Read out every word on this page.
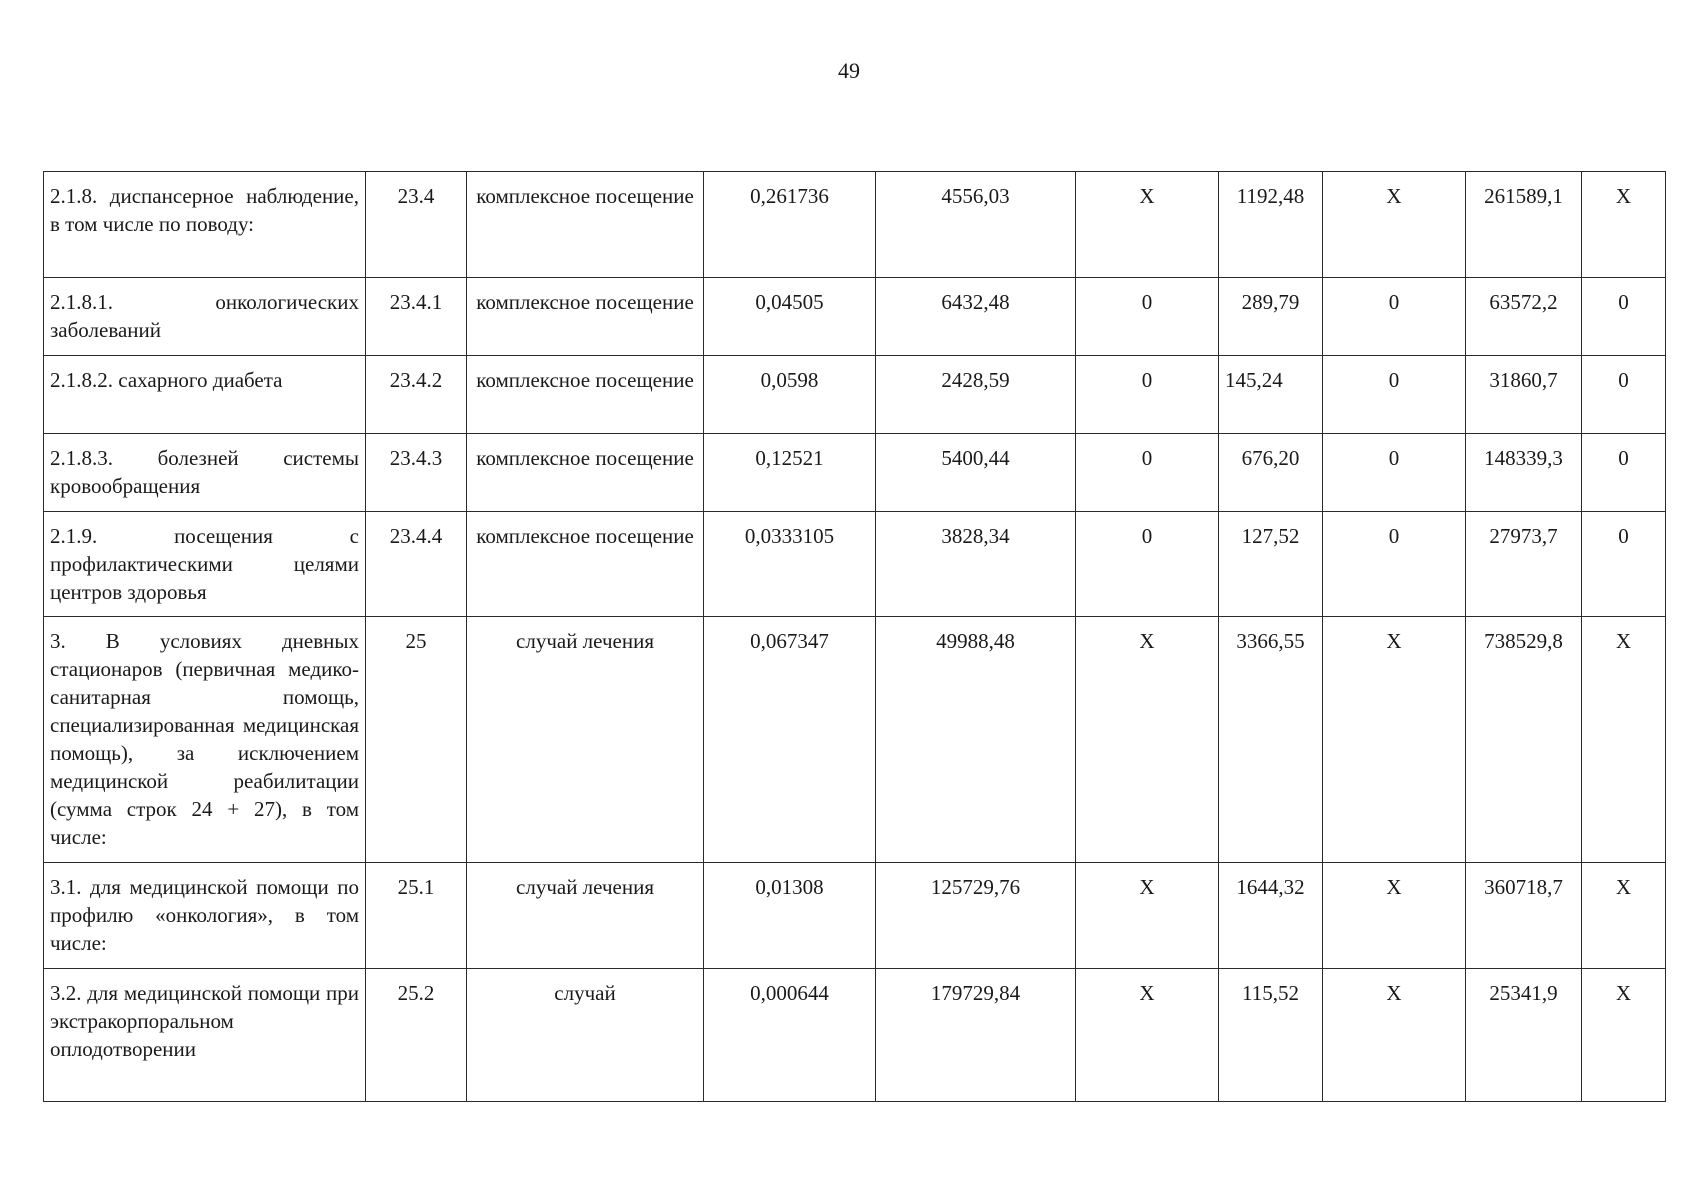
49
2.1.8. диспансерное наблюдение, в том числе по поводу:	23.4	комплексное посещение	0,261736	4556,03	X	1192,48	X	261589,1	X
2.1.8.1. онкологических заболеваний	23.4.1	комплексное посещение	0,04505	6432,48	0	289,79	0	63572,2	0
2.1.8.2. сахарного диабета	23.4.2	комплексное посещение	0,0598	2428,59	0	145,24	0	31860,7	0
2.1.8.3. болезней системы кровообращения	23.4.3	комплексное посещение	0,12521	5400,44	0	676,20	0	148339,3	0
2.1.9. посещения с профилактическими целями центров здоровья	23.4.4	комплексное посещение	0,0333105	3828,34	0	127,52	0	27973,7	0
3. В условиях дневных стационаров (первичная медико-санитарная помощь, специализированная медицинская помощь), за исключением медицинской реабилитации (сумма строк 24 + 27), в том числе:	25	случай лечения	0,067347	49988,48	X	3366,55	X	738529,8	X
3.1. для медицинской помощи по профилю «онкология», в том числе:	25.1	случай лечения	0,01308	125729,76	X	1644,32	X	360718,7	X
3.2. для медицинской помощи при экстракорпоральном оплодотворении	25.2	случай	0,000644	179729,84	X	115,52	X	25341,9	X
